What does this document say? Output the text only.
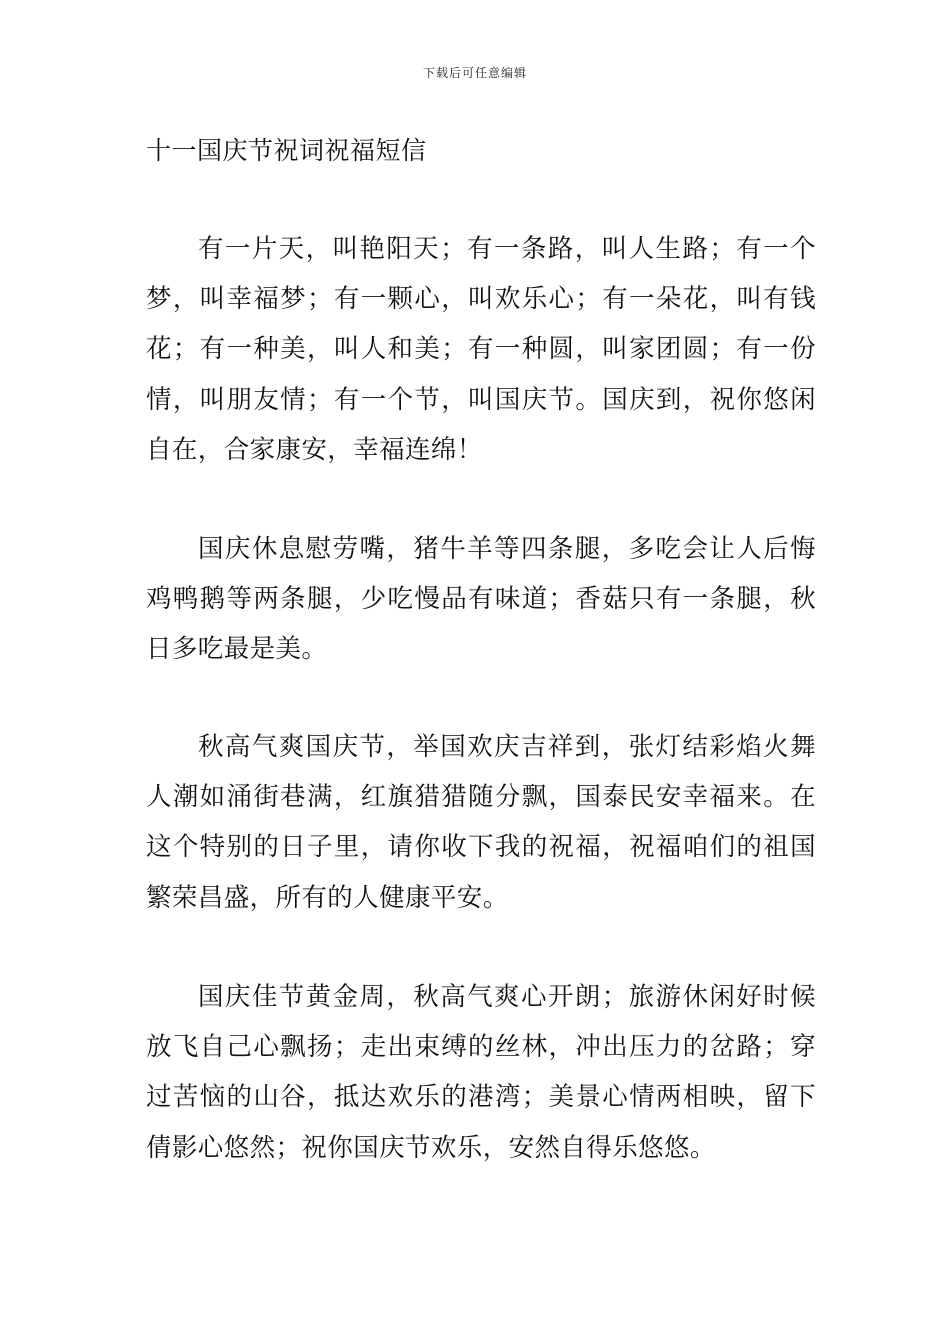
下载后可任意编辑
十一国庆节祝词祝福短信

有一片天，叫艳阳天；有一条路，叫人生路；有一个梦，叫幸福梦；有一颗心，叫欢乐心；有一朵花，叫有钱花；有一种美，叫人和美；有一种圆，叫家团圆；有一份情，叫朋友情；有一个节，叫国庆节。国庆到，祝你悠闲自在，合家康安，幸福连绵！

国庆休息慰劳嘴，猪牛羊等四条腿，多吃会让人后悔鸡鸭鹅等两条腿，少吃慢品有味道；香菇只有一条腿，秋日多吃最是美。

秋高气爽国庆节，举国欢庆吉祥到，张灯结彩焰火舞人潮如涌街巷满，红旗猎猎随分飘，国泰民安幸福来。在这个特别的日子里，请你收下我的祝福，祝福咱们的祖国繁荣昌盛，所有的人健康平安。

国庆佳节黄金周，秋高气爽心开朗；旅游休闲好时候放飞自己心飘扬；走出束缚的丝林，冲出压力的岔路；穿过苦恼的山谷，抵达欢乐的港湾；美景心情两相映，留下倩影心悠然；祝你国庆节欢乐，安然自得乐悠悠。
